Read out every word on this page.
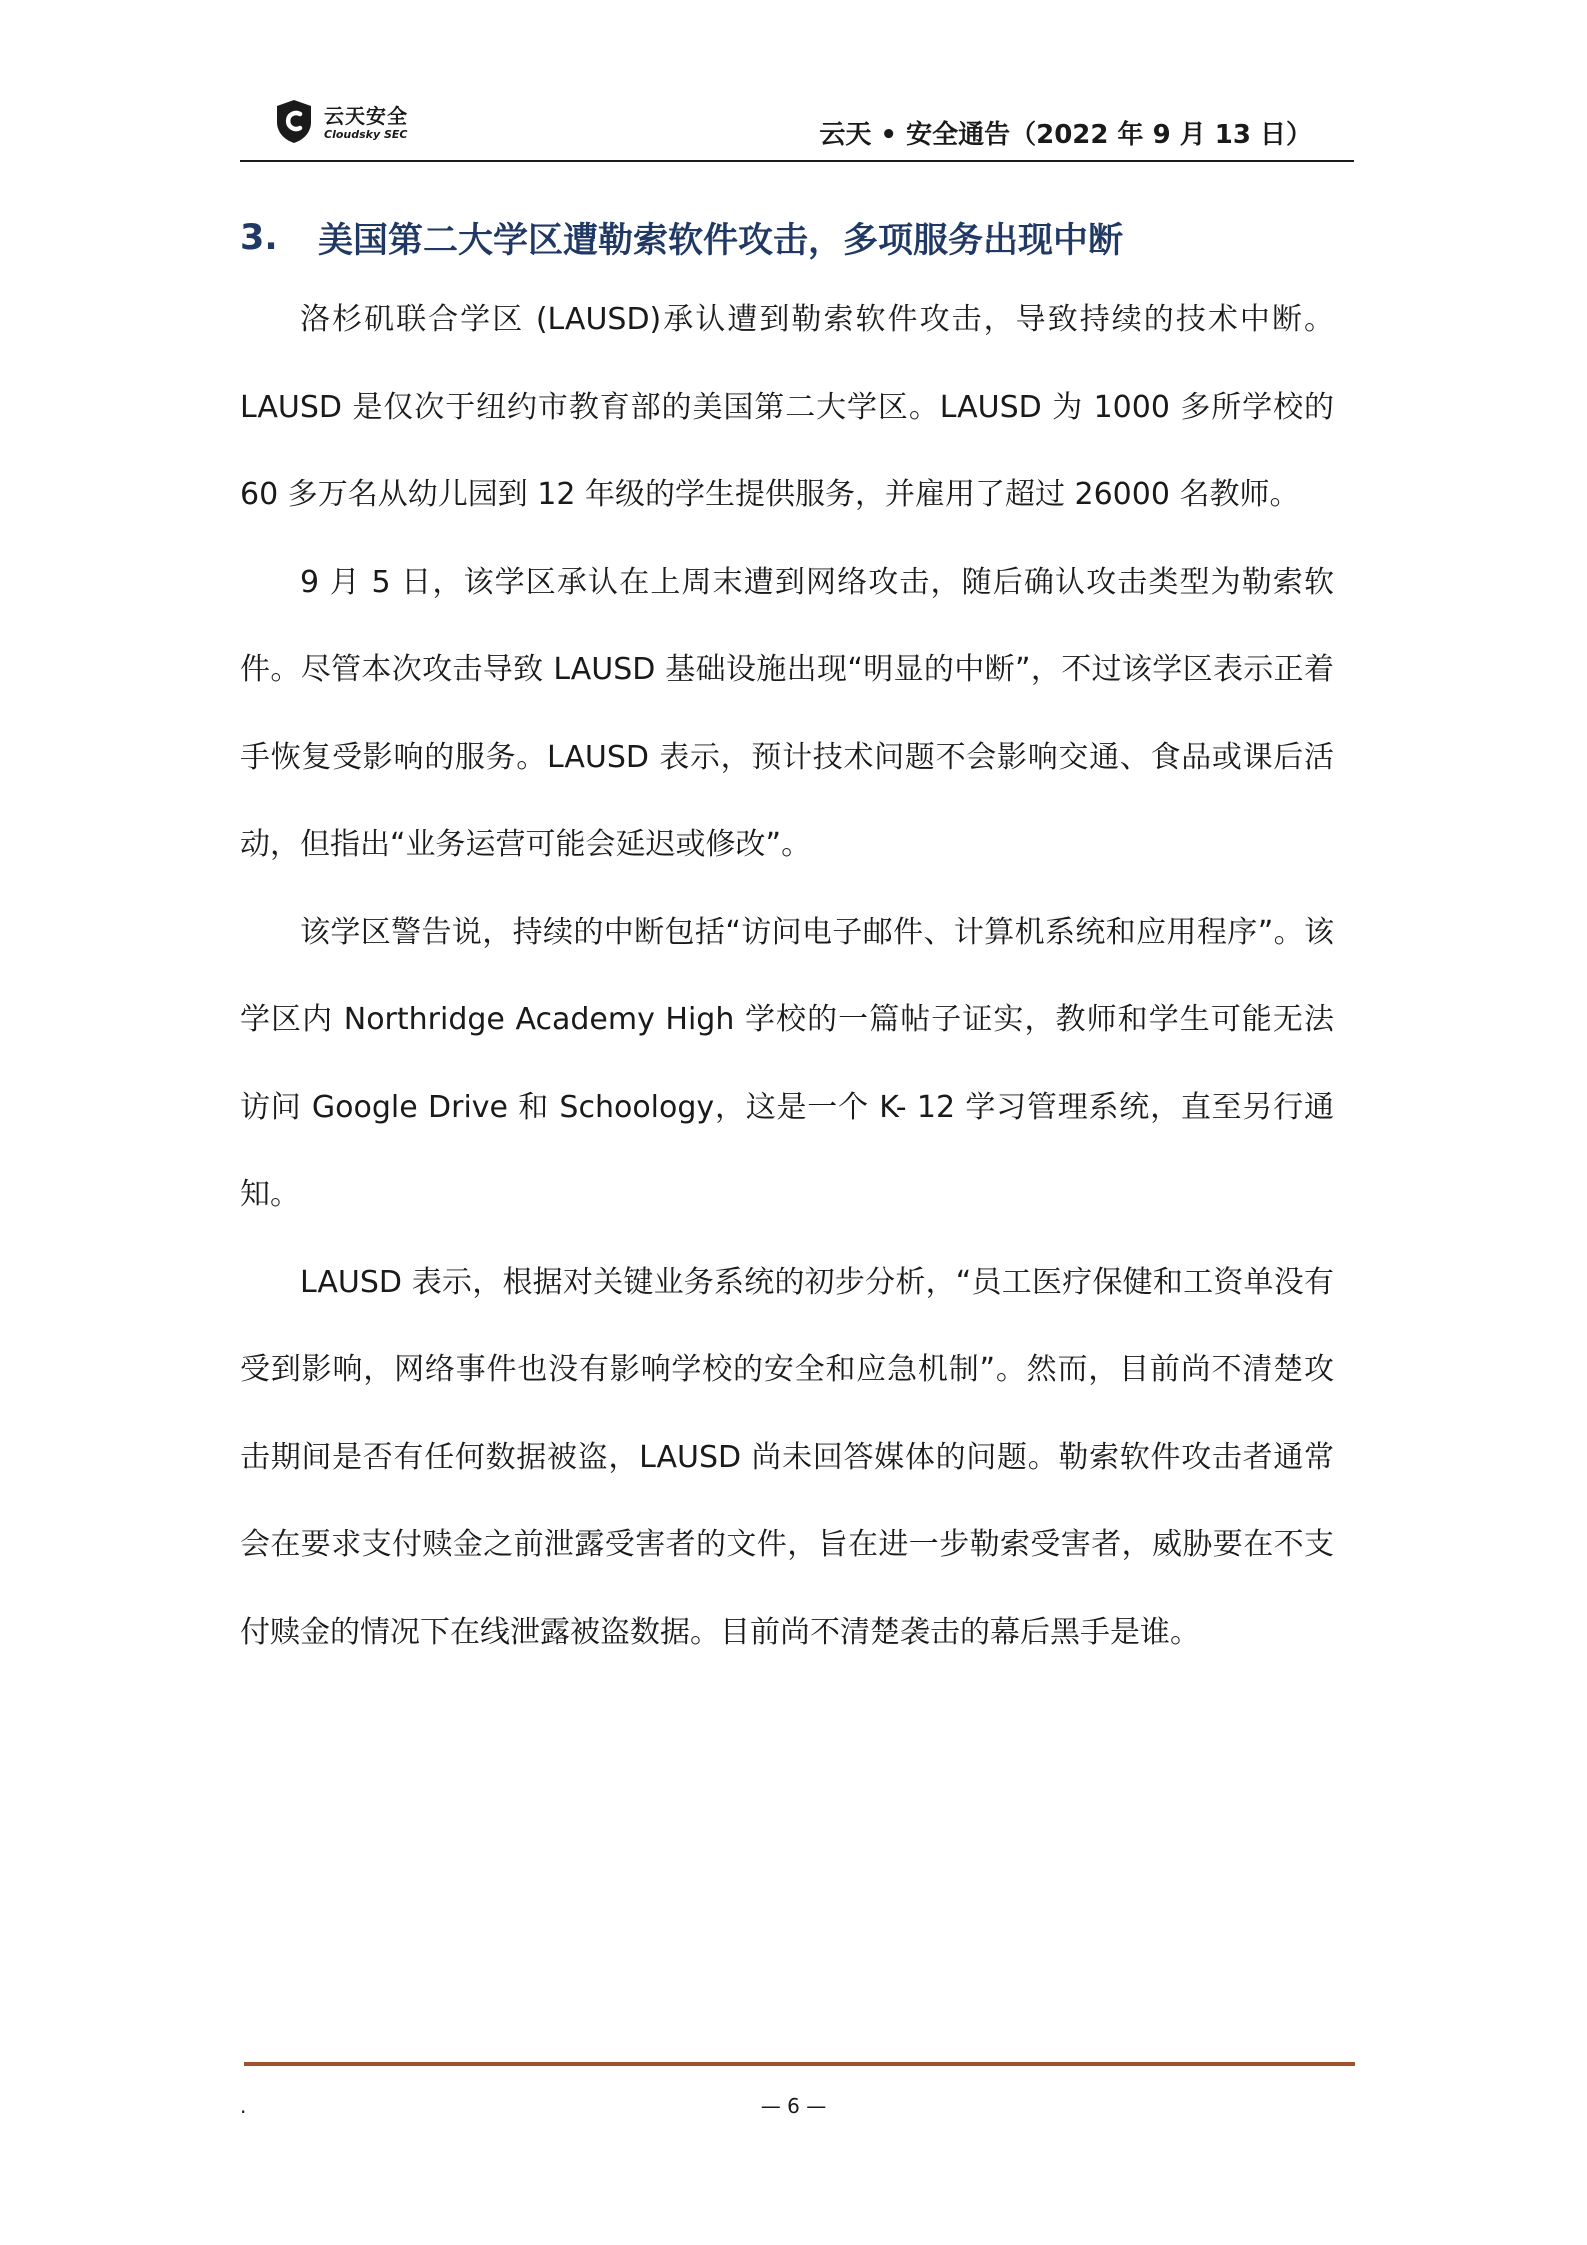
云天安全
Cloudsky SEC	云天 • 安全通告（2022 年 9 月 13 日）
3.	美国第二大学区遭勒索软件攻击，多项服务出现中断

洛杉矶联合学区 (LAUSD)承认遭到勒索软件攻击，导致持续的技术中断。LAUSD 是仅次于纽约市教育部的美国第二大学区。LAUSD 为 1000 多所学校的 60 多万名从幼儿园到 12 年级的学生提供服务，并雇用了超过 26000 名教师。

9 月 5 日，该学区承认在上周末遭到网络攻击，随后确认攻击类型为勒索软件。尽管本次攻击导致 LAUSD 基础设施出现“明显的中断”，不过该学区表示正着手恢复受影响的服务。LAUSD 表示，预计技术问题不会影响交通、食品或课后活动，但指出“业务运营可能会延迟或修改”。

该学区警告说，持续的中断包括“访问电子邮件、计算机系统和应用程序”。该学区内 Northridge Academy High 学校的一篇帖子证实，教师和学生可能无法访问 Google Drive 和 Schoology，这是一个 K- 12 学习管理系统，直至另行通知。

LAUSD 表示，根据对关键业务系统的初步分析，“员工医疗保健和工资单没有受到影响，网络事件也没有影响学校的安全和应急机制”。然而，目前尚不清楚攻击期间是否有任何数据被盗，LAUSD 尚未回答媒体的问题。勒索软件攻击者通常会在要求支付赎金之前泄露受害者的文件，旨在进一步勒索受害者，威胁要在不支付赎金的情况下在线泄露被盗数据。目前尚不清楚袭击的幕后黑手是谁。

.	— 6 —
